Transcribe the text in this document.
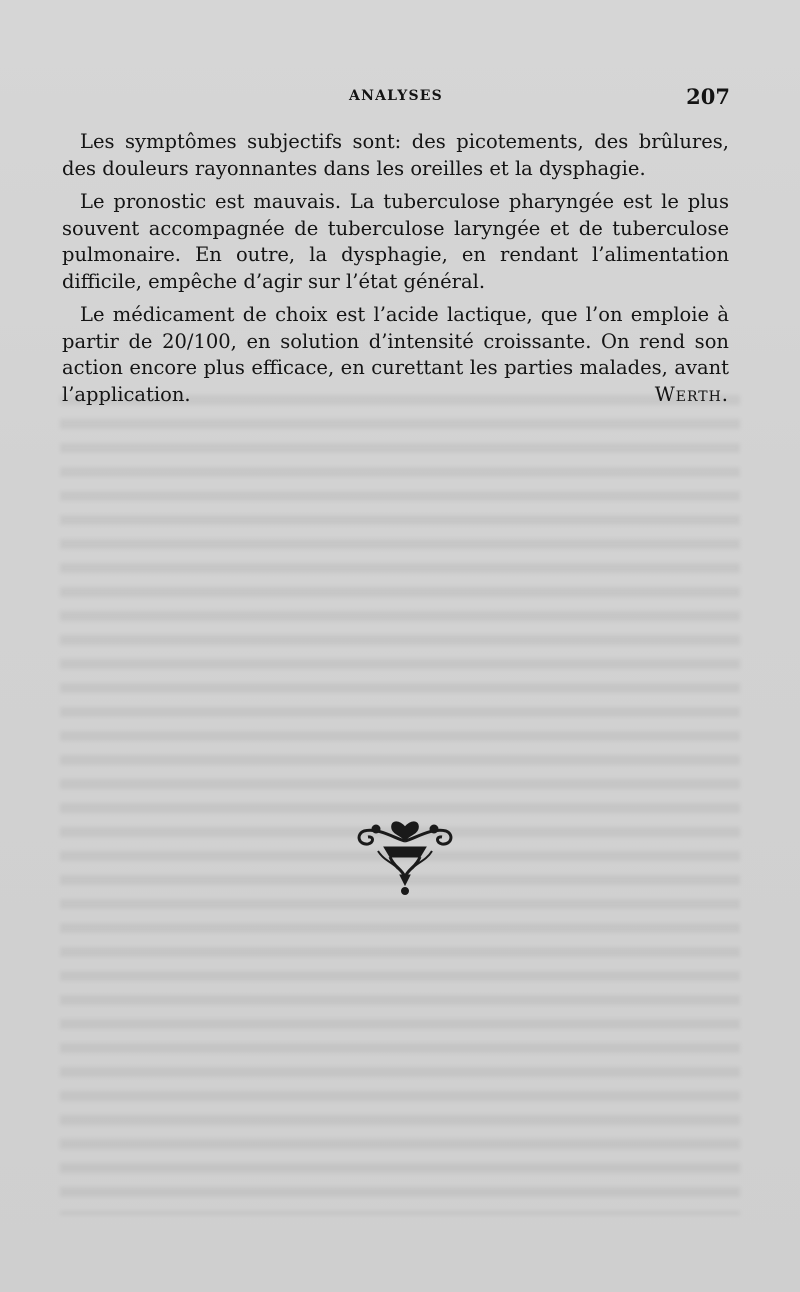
ANALYSES	207

Les symptômes subjectifs sont: des picotements, des brûlures, des douleurs rayonnantes dans les oreilles et la dysphagie.

Le pronostic est mauvais. La tuberculose pharyngée est le plus souvent accompagnée de tuberculose laryngée et de tuberculose pulmonaire. En outre, la dysphagie, en rendant l’alimentation difficile, empêche d’agir sur l’état général.

Le médicament de choix est l’acide lactique, que l’on emploie à partir de 20/100, en solution d’intensité croissante. On rend son action encore plus efficace, en curettant les parties malades, avant l’application.	Werth.
